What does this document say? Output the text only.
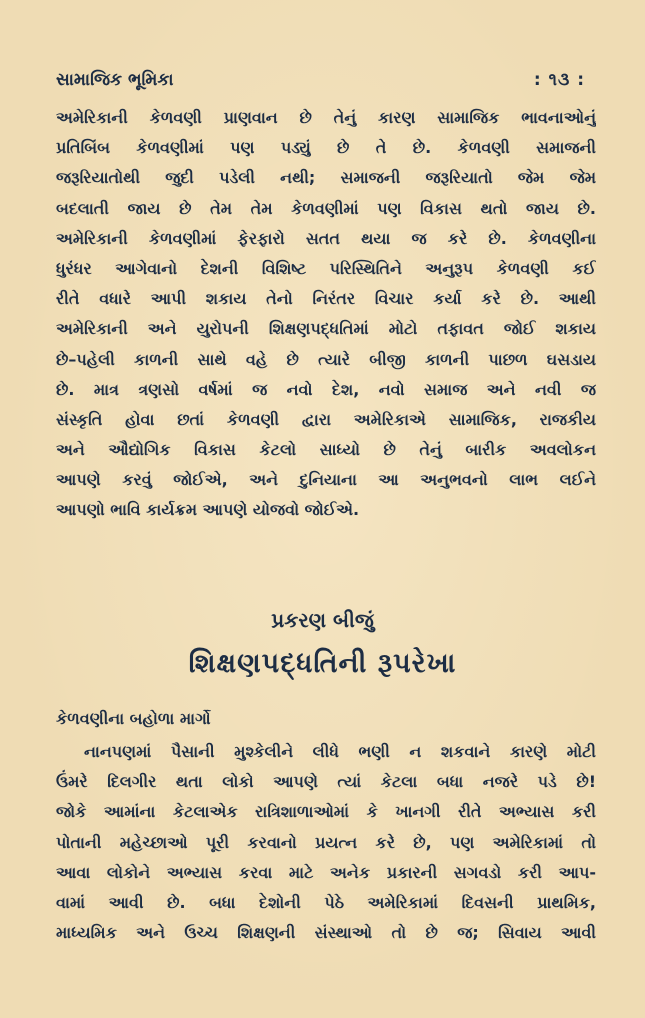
સામાજિક ભૂમિકા	: ૧૩ :
અમેરિકાની કેળવણી પ્રાણવાન છે તેનું કારણ સામાજિક ભાવનાઓનું
પ્રતિબિંબ કેળવણીમાં પણ પડ્યું છે તે છે. કેળવણી સમાજની
જરૂરિયાતોથી જુદી પડેલી નથી; સમાજની જરૂરિયાતો જેમ જેમ
બદલાતી જાય છે તેમ તેમ કેળવણીમાં પણ વિકાસ થતો જાય છે.
અમેરિકાની કેળવણીમાં ફેરફારો સતત થયા જ કરે છે. કેળવણીના
ધુરંધર આગેવાનો દેશની વિશિષ્ટ પરિસ્થિતિને અનુરૂપ કેળવણી કઈ
રીતે વધારે આપી શકાય તેનો નિરંતર વિચાર કર્યા કરે છે. આથી
અમેરિકાની અને યુરોપની શિક્ષણપદ્ધતિમાં મોટો તફાવત જોઈ શકાય
છે–પહેલી કાળની સાથે વહે છે ત્યારે બીજી કાળની પાછળ ઘસડાય
છે. માત્ર ત્રણસો વર્ષમાં જ નવો દેશ, નવો સમાજ અને નવી જ
સંસ્કૃતિ હોવા છતાં કેળવણી દ્વારા અમેરિકાએ સામાજિક, રાજકીય
અને ઔદ્યોગિક વિકાસ કેટલો સાધ્યો છે તેનું બારીક અવલોકન
આપણે કરવું જોઈએ, અને દુનિયાના આ અનુભવનો લાભ લઈને
આપણો ભાવિ કાર્યક્રમ આપણે યોજવો જોઈએ.
પ્રકરણ બીજું
શિક્ષણપદ્ધતિની રૂપરેખા
કેળવણીના બહોળા માર્ગો
નાનપણમાં પૈસાની મુશ્કેલીને લીધે ભણી ન શકવાને કારણે મોટી
ઉંમરે દિલગીર થતા લોકો આપણે ત્યાં કેટલા બધા નજરે પડે છે!
જોકે આમાંના કેટલાએક રાત્રિશાળાઓમાં કે ખાનગી રીતે અભ્યાસ કરી
પોતાની મહેચ્છાઓ પૂરી કરવાનો પ્રયત્ન કરે છે, પણ અમેરિકામાં તો
આવા લોકોને અભ્યાસ કરવા માટે અનેક પ્રકારની સગવડો કરી આપ-
વામાં આવી છે. બધા દેશોની પેઠે અમેરિકામાં દિવસની પ્રાથમિક,
માધ્યમિક અને ઉચ્ચ શિક્ષણની સંસ્થાઓ તો છે જ; સિવાય આવી
